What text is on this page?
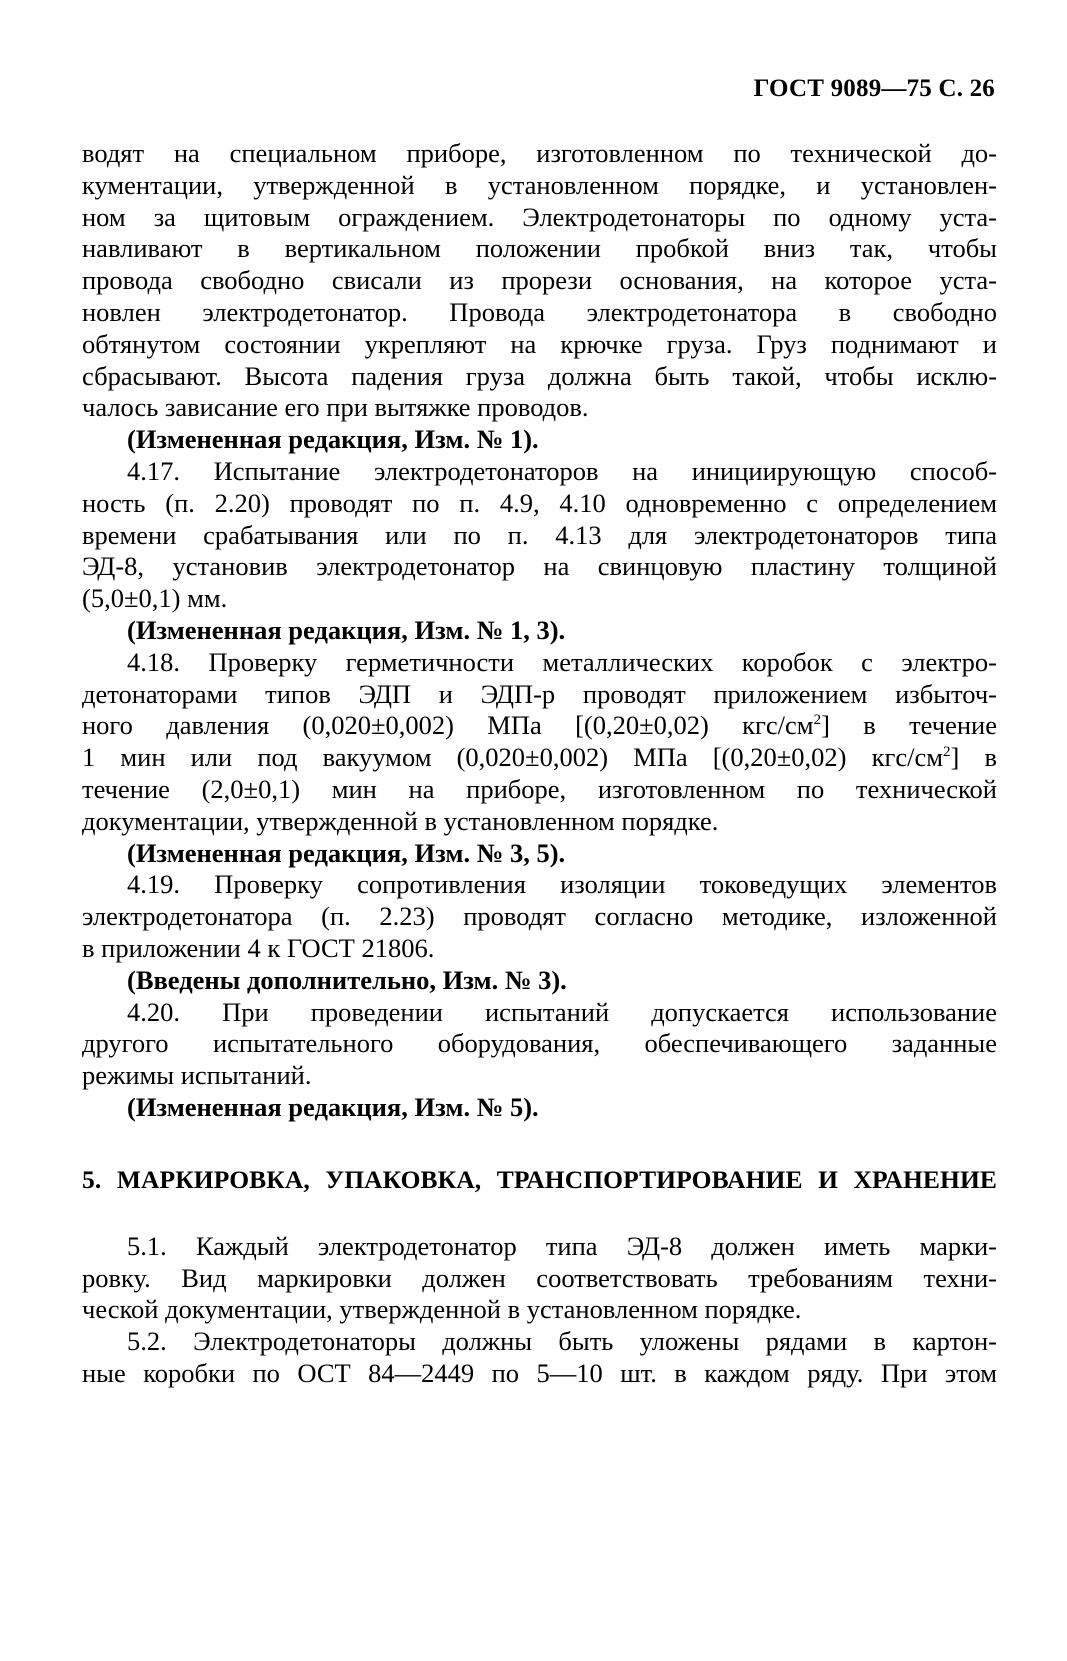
ГОСТ 9089—75 С. 26
водят на специальном приборе, изготовленном по технической до-
кументации, утвержденной в установленном порядке, и установлен-
ном за щитовым ограждением. Электродетонаторы по одному уста-
навливают в вертикальном положении пробкой вниз так, чтобы
провода свободно свисали из прорези основания, на которое уста-
новлен электродетонатор. Провода электродетонатора в свободно
обтянутом состоянии укрепляют на крючке груза. Груз поднимают и
сбрасывают. Высота падения груза должна быть такой, чтобы исклю-
чалось зависание его при вытяжке проводов.
(Измененная редакция, Изм. № 1).
4.17. Испытание электродетонаторов на инициирующую способ-
ность (п. 2.20) проводят по п. 4.9, 4.10 одновременно с определением
времени срабатывания или по п. 4.13 для электродетонаторов типа
ЭД-8, установив электродетонатор на свинцовую пластину толщиной
(5,0±0,1) мм.
(Измененная редакция, Изм. № 1, 3).
4.18. Проверку герметичности металлических коробок с электро-
детонаторами типов ЭДП и ЭДП-р проводят приложением избыточ-
ного давления (0,020±0,002) МПа [(0,20±0,02) кгс/$см^2$] в течение
1 мин или под вакуумом (0,020±0,002) МПа [(0,20±0,02) кгс/$см^2$] в
течение (2,0±0,1) мин на приборе, изготовленном по технической
документации, утвержденной в установленном порядке.
(Измененная редакция, Изм. № 3, 5).
4.19. Проверку сопротивления изоляции токоведущих элементов
электродетонатора (п. 2.23) проводят согласно методике, изложенной
в приложении 4 к ГОСТ 21806.
(Введены дополнительно, Изм. № 3).
4.20. При проведении испытаний допускается использование
другого испытательного оборудования, обеспечивающего заданные
режимы испытаний.
(Измененная редакция, Изм. № 5).
5. МАРКИРОВКА, УПАКОВКА, ТРАНСПОРТИРОВАНИЕ И ХРАНЕНИЕ
5.1. Каждый электродетонатор типа ЭД-8 должен иметь марки-
ровку. Вид маркировки должен соответствовать требованиям техни-
ческой документации, утвержденной в установленном порядке.
5.2. Электродетонаторы должны быть уложены рядами в картон-
ные коробки по ОСТ 84—2449 по 5—10 шт. в каждом ряду. При этом
